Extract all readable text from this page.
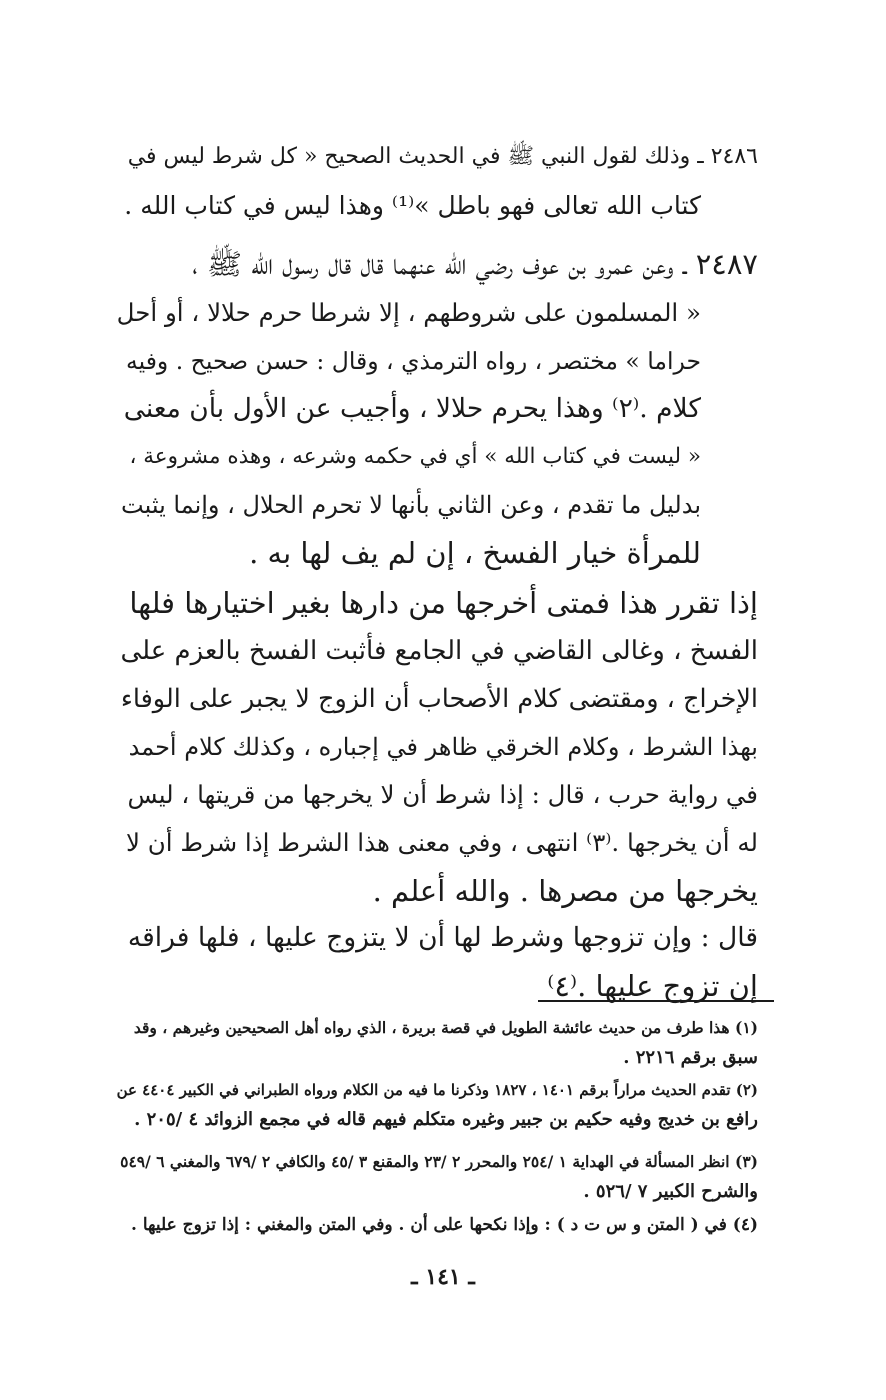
٢٤٨٦ ـ وذلك لقول النبي ﷺ في الحديث الصحيح « كل شرط ليس في
كتاب الله تعالى فهو باطل »⁽¹⁾ وهذا ليس في كتاب الله .
٢٤٨٧ ـ وعن عمرو بن عوف رضي الله عنهما قال قال رسول الله ﷺ ،
« المسلمون على شروطهم ، إلا شرطا حرم حلالا ، أو أحل
حراما » مختصر ، رواه الترمذي ، وقال : حسن صحيح . وفيه
كلام .⁽٢⁾ وهذا يحرم حلالا ، وأجيب عن الأول بأن معنى
« ليست في كتاب الله » أي في حكمه وشرعه ، وهذه مشروعة ،
بدليل ما تقدم ، وعن الثاني بأنها لا تحرم الحلال ، وإنما يثبت
للمرأة خيار الفسخ ، إن لم يف لها به .
إذا تقرر هذا فمتى أخرجها من دارها بغير اختيارها فلها
الفسخ ، وغالى القاضي في الجامع فأثبت الفسخ بالعزم على
الإخراج ، ومقتضى كلام الأصحاب أن الزوج لا يجبر على الوفاء
بهذا الشرط ، وكلام الخرقي ظاهر في إجباره ، وكذلك كلام أحمد
في رواية حرب ، قال : إذا شرط أن لا يخرجها من قريتها ، ليس
له أن يخرجها .⁽٣⁾ انتهى ، وفي معنى هذا الشرط إذا شرط أن لا
يخرجها من مصرها . والله أعلم .
قال : وإن تزوجها وشرط لها أن لا يتزوج عليها ، فلها فراقه
إن تزوج عليها .⁽٤⁾
(١) هذا طرف من حديث عائشة الطويل في قصة بريرة ، الذي رواه أهل الصحيحين وغيرهم ، وقد
سبق برقم ٢٢١٦ .
(٢) تقدم الحديث مراراً برقم ١٤٠١ ، ١٨٢٧ وذكرنا ما فيه من الكلام ورواه الطبراني في الكبير ٤٤٠٤ عن
رافع بن خديج وفيه حكيم بن جبير وغيره متكلم فيهم قاله في مجمع الزوائد ٤ /٢٠٥ .
(٣) انظر المسألة في الهداية ١ /٢٥٤ والمحرر ٢ /٢٣ والمقنع ٣ /٤٥ والكافي ٢ /٦٧٩ والمغني ٦ /٥٤٩
والشرح الكبير ٧ /٥٢٦ .
(٤) في ( المتن و س ت د ) : وإذا نكحها على أن . وفي المتن والمغني : إذا تزوج عليها .
ـ ١٤١ ـ
